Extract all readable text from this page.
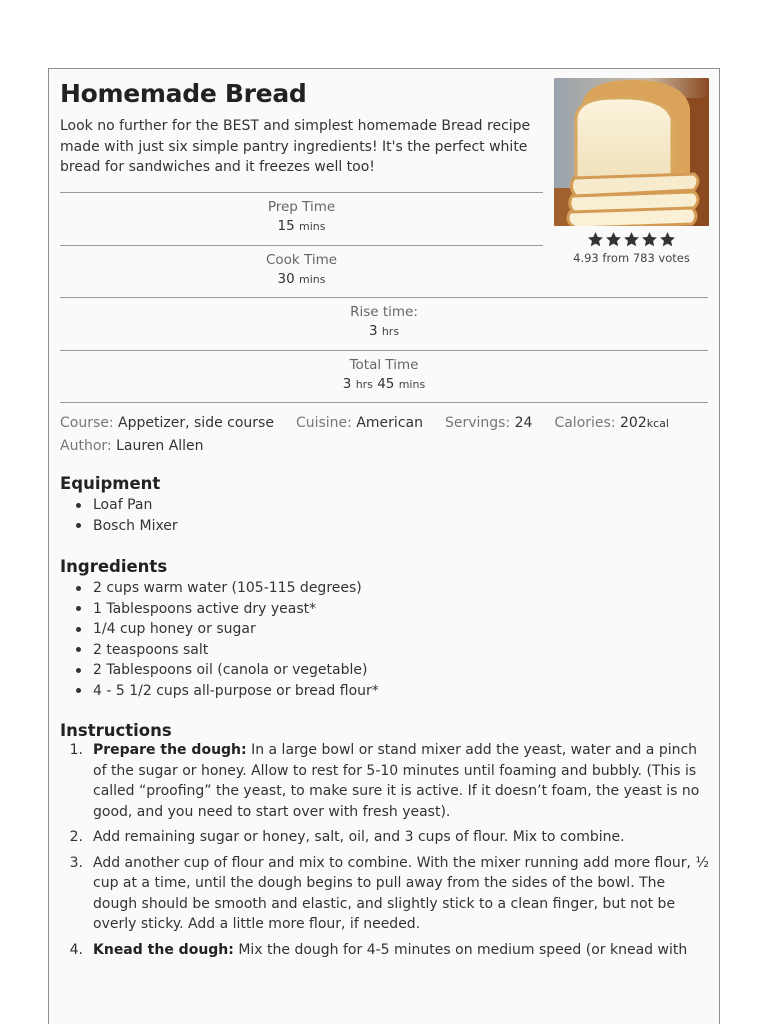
Homemade Bread

Look no further for the BEST and simplest homemade Bread recipe made with just six simple pantry ingredients! It's the perfect white bread for sandwiches and it freezes well too!

4.93 from 783 votes
Prep Time
15 mins
Cook Time
30 mins
Rise time:
3 hrs
Total Time
3 hrs 45 mins
Course: Appetizer, side course Cuisine: American Servings: 24 Calories: 202kcal
Author: Lauren Allen
Equipment
Loaf Pan
Bosch Mixer
Ingredients
2 cups warm water (105-115 degrees)
1 Tablespoons active dry yeast*
1/4 cup honey or sugar
2 teaspoons salt
2 Tablespoons oil (canola or vegetable)
4 - 5 1/2 cups all-purpose or bread flour*
Instructions
1. Prepare the dough: In a large bowl or stand mixer add the yeast, water and a pinch of the sugar or honey. Allow to rest for 5-10 minutes until foaming and bubbly. (This is called “proofing” the yeast, to make sure it is active. If it doesn’t foam, the yeast is no good, and you need to start over with fresh yeast).
2. Add remaining sugar or honey, salt, oil, and 3 cups of flour. Mix to combine.
3. Add another cup of flour and mix to combine. With the mixer running add more flour, ½ cup at a time, until the dough begins to pull away from the sides of the bowl. The dough should be smooth and elastic, and slightly stick to a clean finger, but not be overly sticky. Add a little more flour, if needed.
4. Knead the dough: Mix the dough for 4-5 minutes on medium speed (or knead with
